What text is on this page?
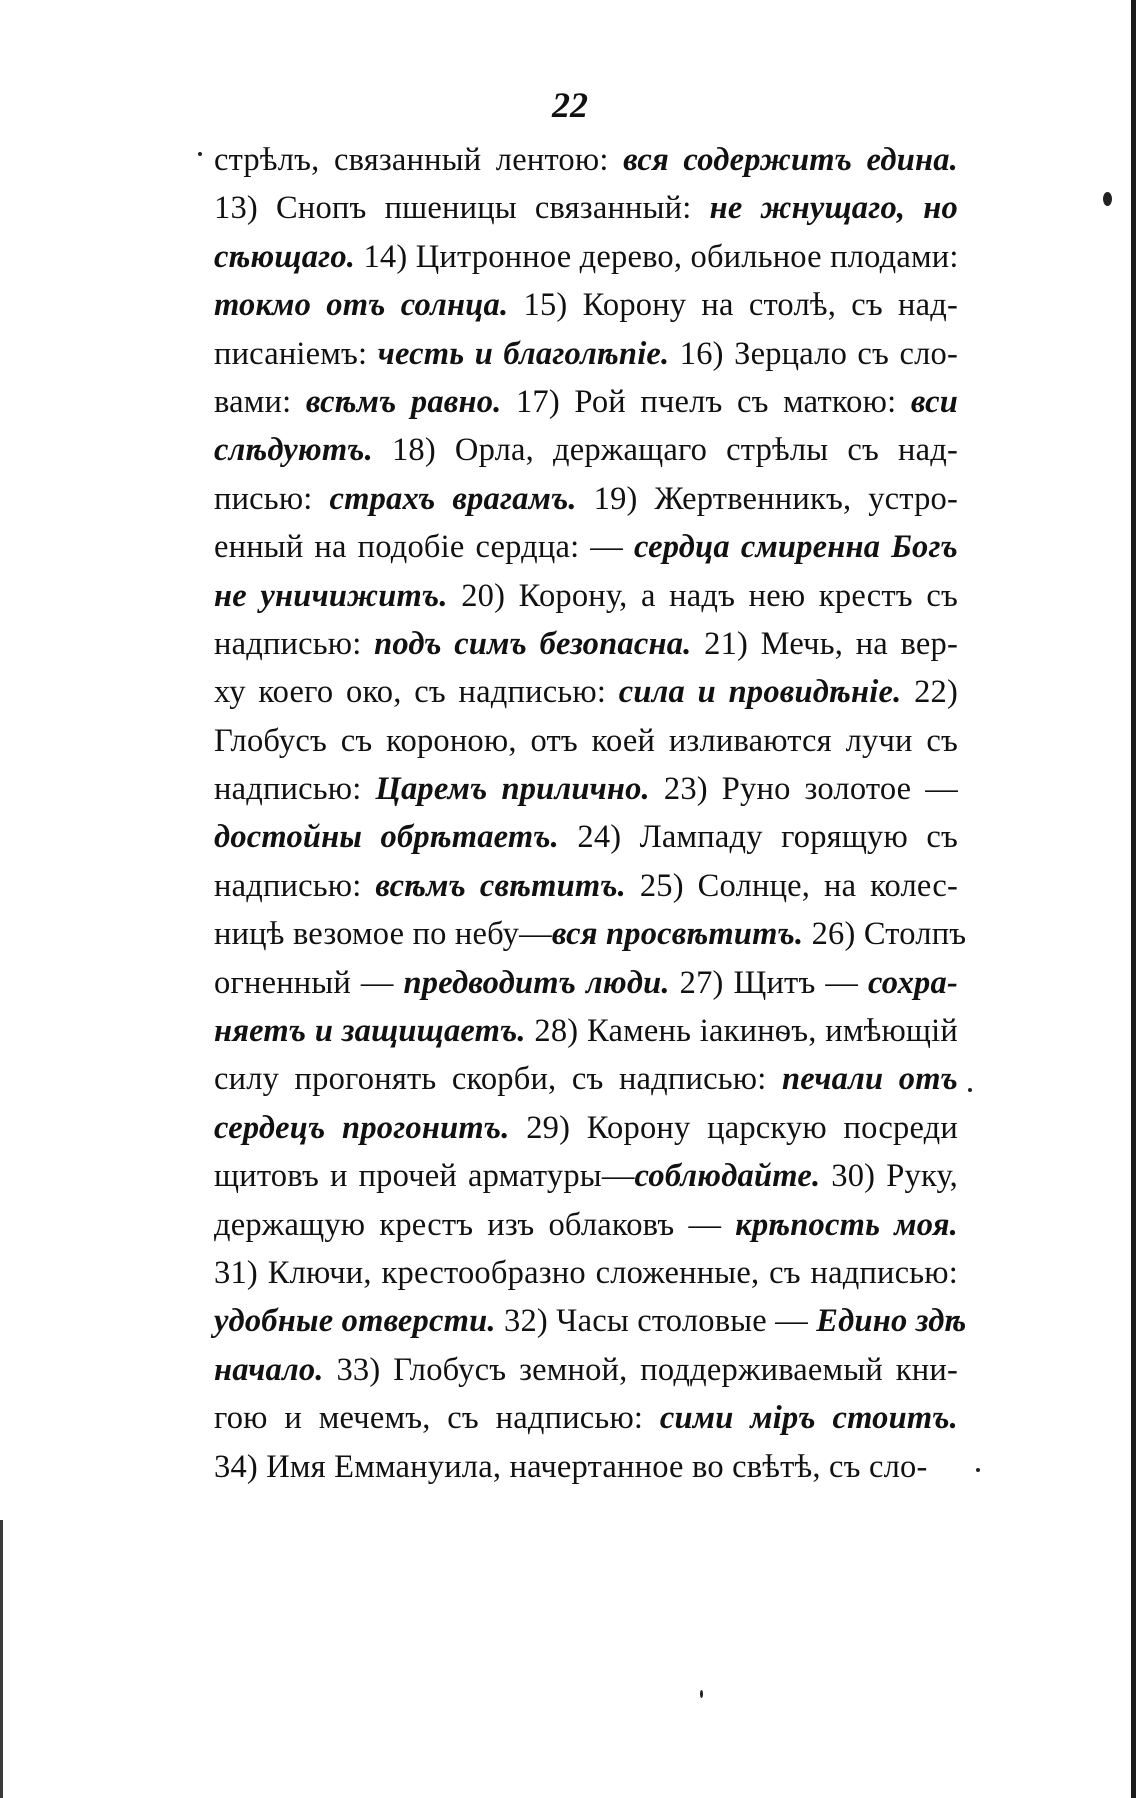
22
стрѣлъ, связанный лентою: вся содержитъ едина.
13) Снопъ пшеницы связанный: не жнущаго, но
сѣющаго. 14) Цитронное дерево, обильное плодами:
токмо отъ солнца. 15) Корону на столѣ, съ над-
писаніемъ: честь и благолѣпіе. 16) Зерцало съ сло-
вами: всѣмъ равно. 17) Рой пчелъ съ маткою: вси
слѣдуютъ. 18) Орла, держащаго стрѣлы съ над-
писью: страхъ врагамъ. 19) Жертвенникъ, устро-
енный на подобіе сердца: — сердца смиренна Богъ
не уничижитъ. 20) Корону, а надъ нею крестъ съ
надписью: подъ симъ безопасна. 21) Мечь, на вер-
ху коего око, съ надписью: сила и провидѣніе. 22)
Глобусъ съ короною, отъ коей изливаются лучи съ
надписью: Царемъ прилично. 23) Руно золотое —
достойны обрѣтаетъ. 24) Лампаду горящую съ
надписью: всѣмъ свѣтитъ. 25) Солнце, на колес-
ницѣ везомое по небу—вся просвѣтитъ. 26) Столпъ
огненный — предводитъ люди. 27) Щитъ — сохра-
няетъ и защищаетъ. 28) Камень іакинѳъ, имѣющій
силу прогонять скорби, съ надписью: печали отъ
сердецъ прогонитъ. 29) Корону царскую посреди
щитовъ и прочей арматуры—соблюдайте. 30) Руку,
держащую крестъ изъ облаковъ — крѣпость моя.
31) Ключи, крестообразно сложенные, съ надписью:
удобные отверсти. 32) Часы столовые — Едино здѣ
начало. 33) Глобусъ земной, поддерживаемый кни-
гою и мечемъ, съ надписью: сими міръ стоитъ.
34) Имя Еммануила, начертанное во свѣтѣ, съ сло-
